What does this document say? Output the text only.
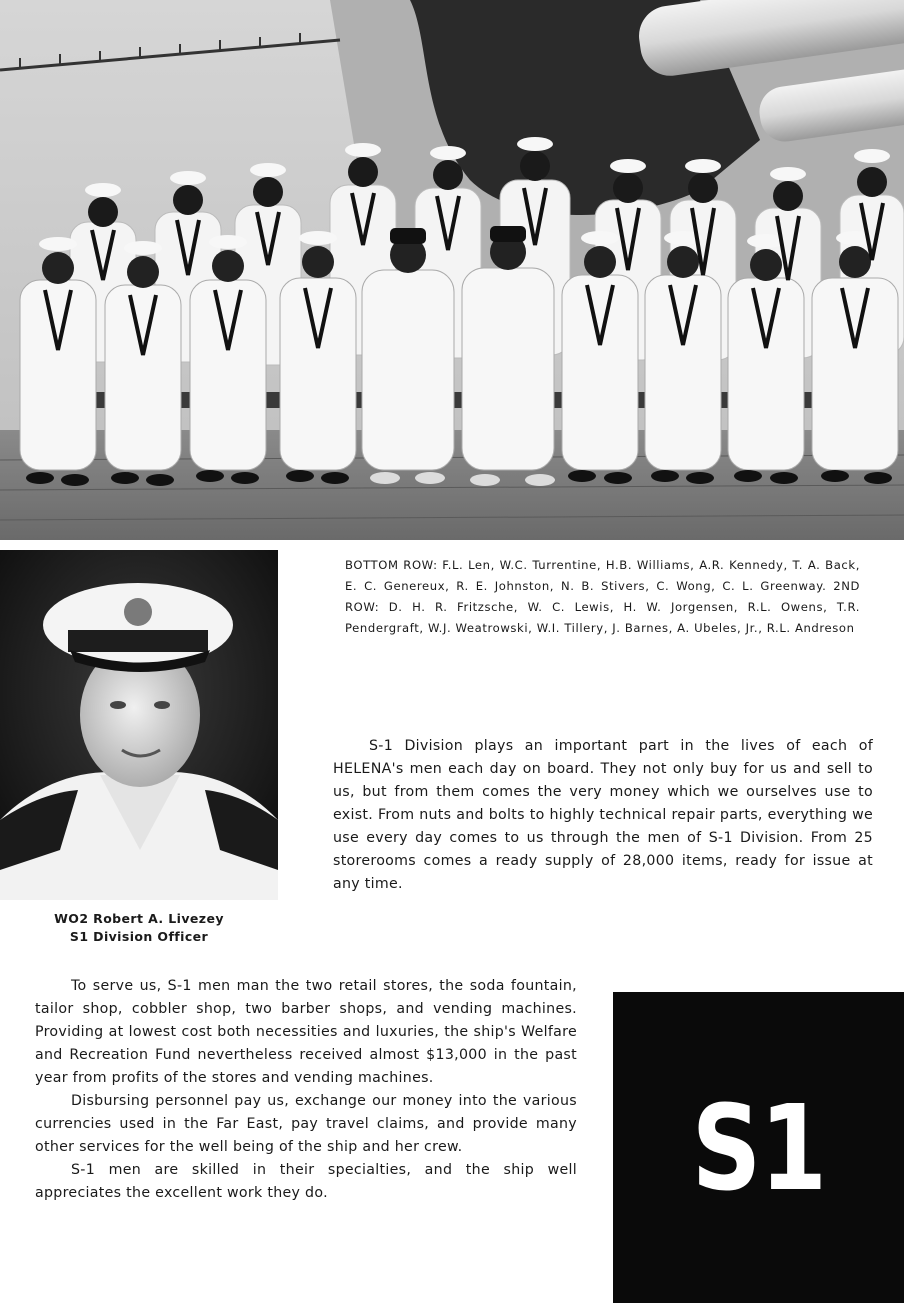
WO2 Robert A. Livezey
S1 Division Officer
BOTTOM ROW: F.L. Len, W.C. Turrentine, H.B. Williams, A.R. Kennedy, T. A. Back, E. C. Genereux, R. E. Johnston, N. B. Stivers, C. Wong, C. L. Greenway. 2ND ROW: D. H. R. Fritzsche, W. C. Lewis, H. W. Jorgensen, R.L. Owens, T.R. Pendergraft, W.J. Weatrowski, W.I. Tillery, J. Barnes, A. Ubeles, Jr., R.L. Andreson

S-1 Division plays an important part in the lives of each of HELENA's men each day on board. They not only buy for us and sell to us, but from them comes the very money which we ourselves use to exist. From nuts and bolts to highly technical repair parts, everything we use every day comes to us through the men of S-1 Division. From 25 storerooms comes a ready supply of 28,000 items, ready for issue at any time.

To serve us, S-1 men man the two retail stores, the soda fountain, tailor shop, cobbler shop, two barber shops, and vending machines. Providing at lowest cost both necessities and luxuries, the ship's Welfare and Recreation Fund nevertheless received almost $13,000 in the past year from profits of the stores and vending machines.

Disbursing personnel pay us, exchange our money into the various currencies used in the Far East, pay travel claims, and provide many other services for the well being of the ship and her crew.

S-1 men are skilled in their specialties, and the ship well appreciates the excellent work they do.	S1
